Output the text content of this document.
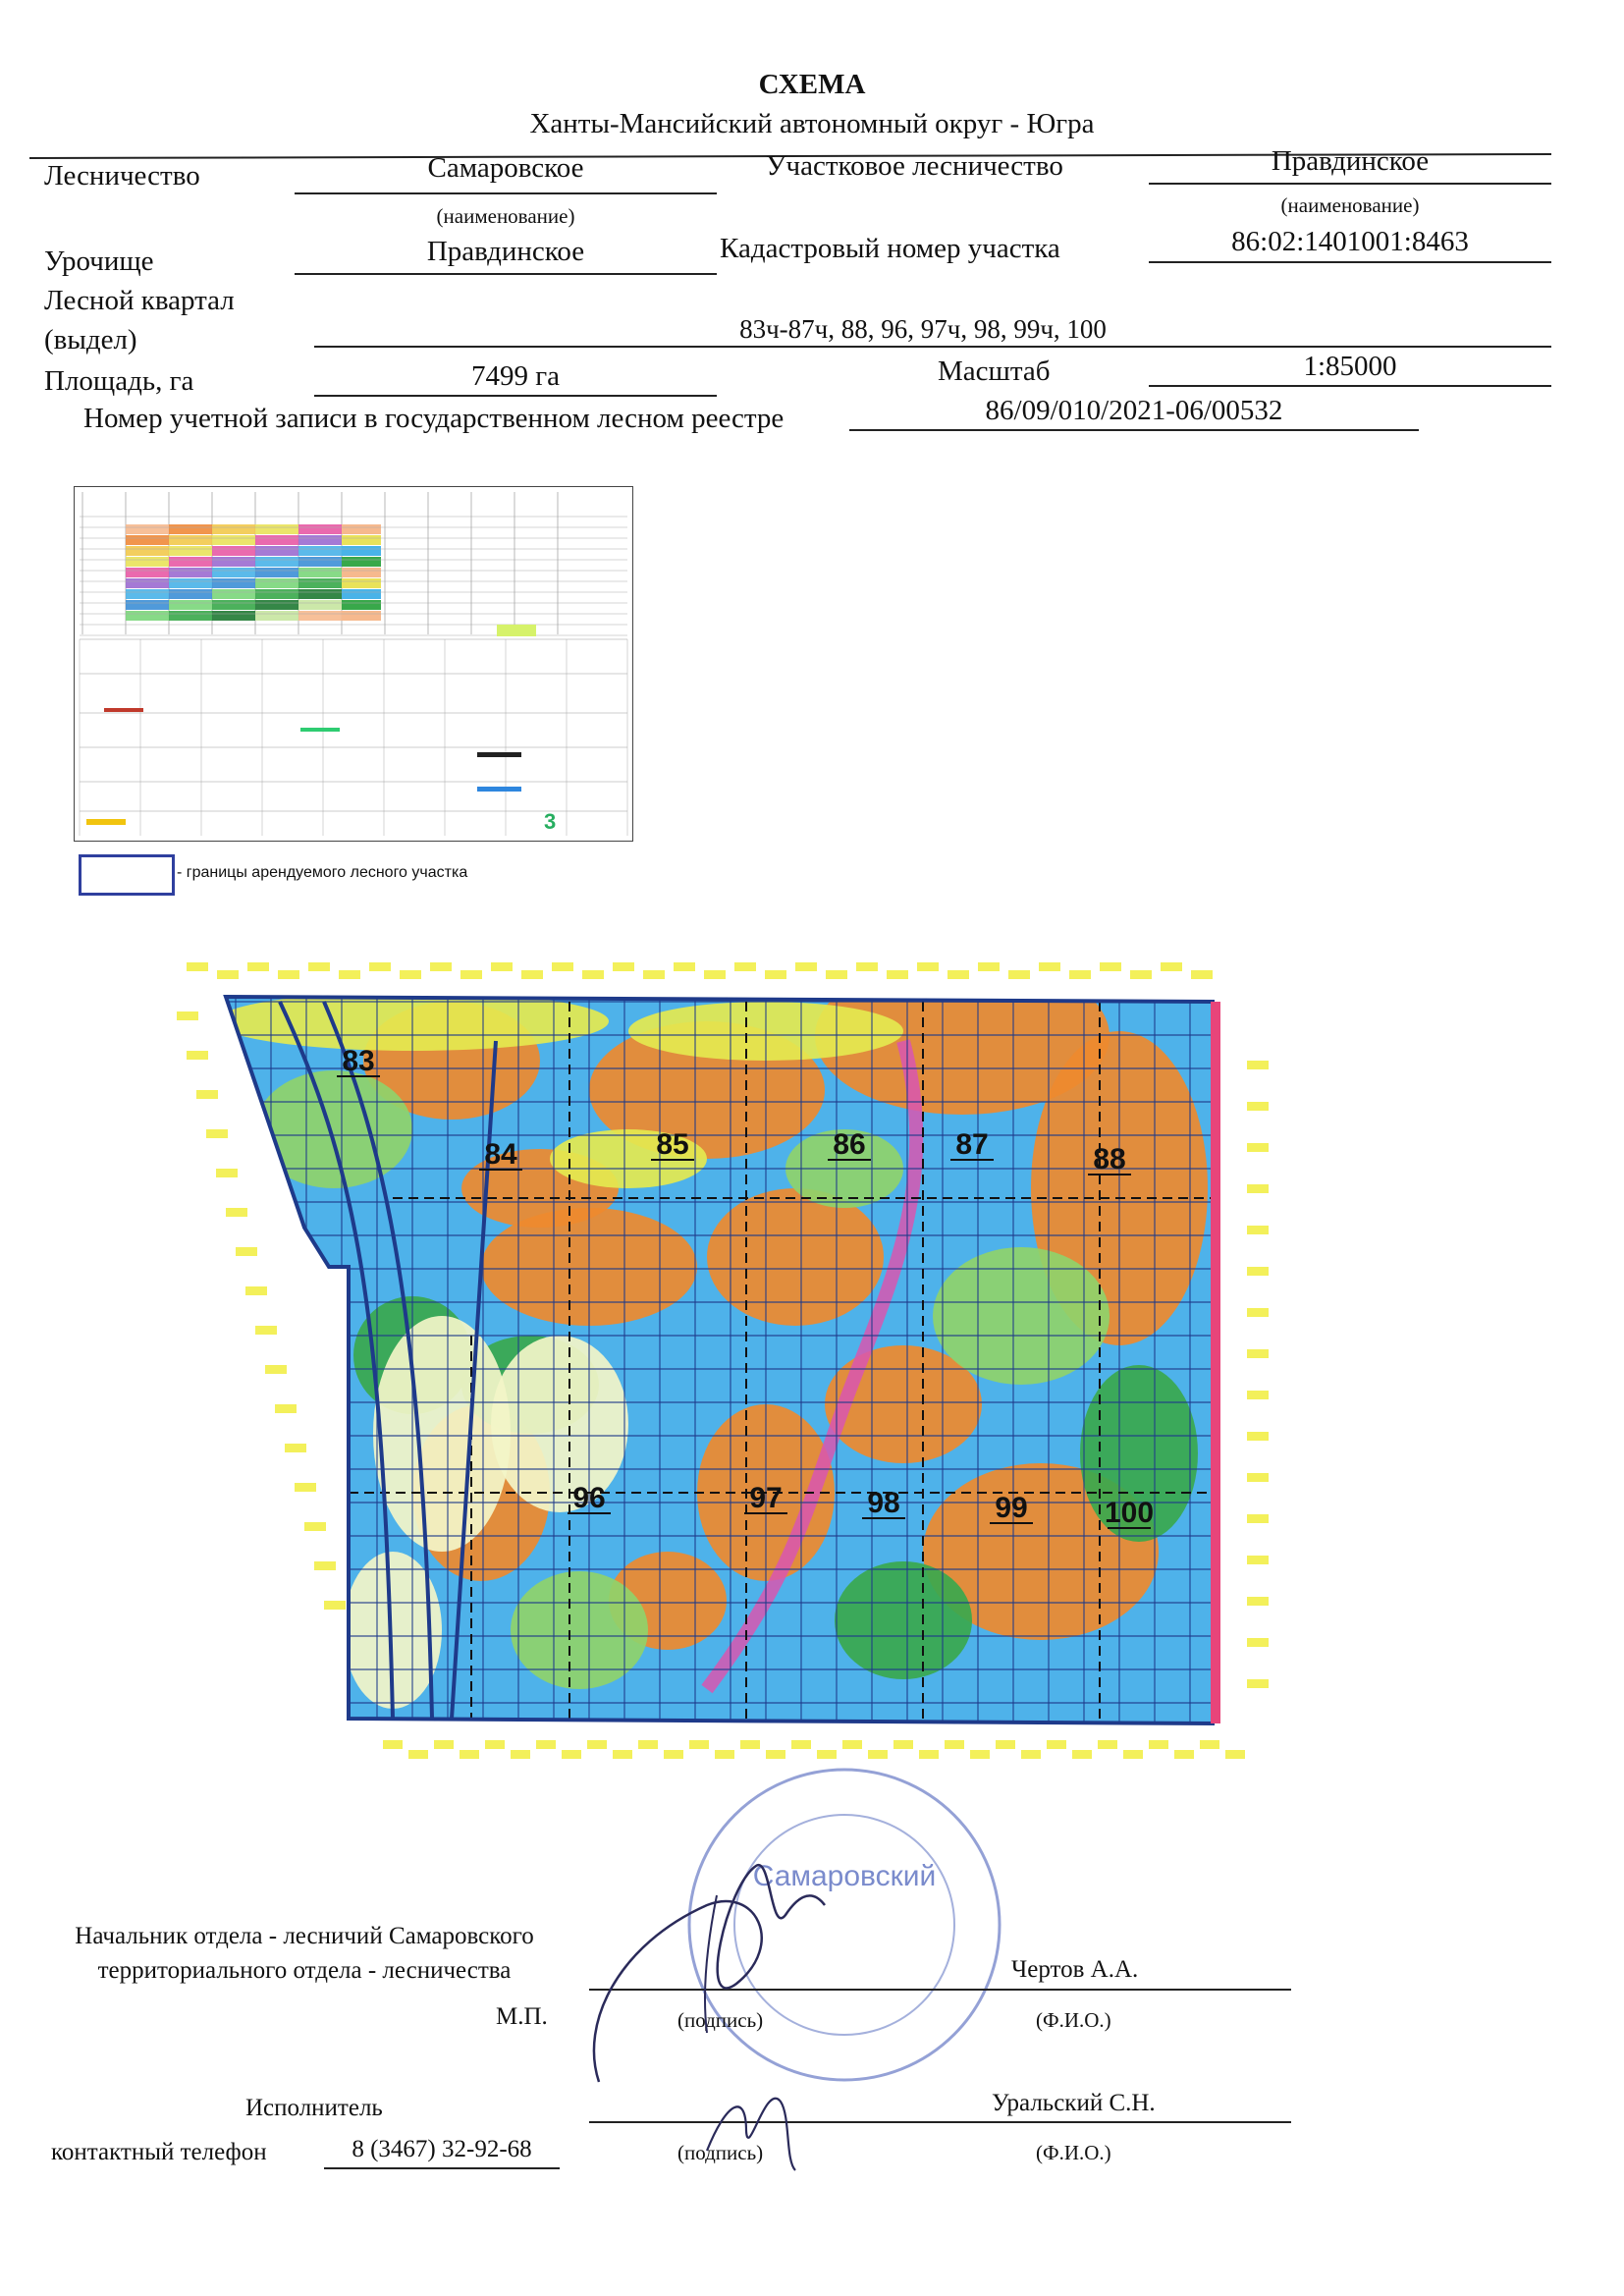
СХЕМА
Ханты-Мансийский автономный округ - Югра
Лесничество	Самаровское	Участковое лесничество	Правдинское
(наименование)	(наименование)
Урочище	Правдинское	Кадастровый номер участка	86:02:1401001:8463
Лесной квартал
(выдел)	83ч-87ч, 88, 96, 97ч, 98, 99ч, 100
Площадь, га	7499 га	Масштаб	1:85000
Номер учетной записи в государственном лесном реестре	86/09/010/2021-06/00532
3
- границы арендуемого лесного участка
83
84	85	86	87	88
96	97	98	99	100
Самаровский
Начальник отдела - лесничий Самаровского
территориального отдела - лесничества	Чертов А.А.
М.П.	(подпись)	(Ф.И.О.)
Исполнитель	Уральский С.Н.
контактный телефон	8 (3467) 32-92-68	(подпись)	(Ф.И.О.)
